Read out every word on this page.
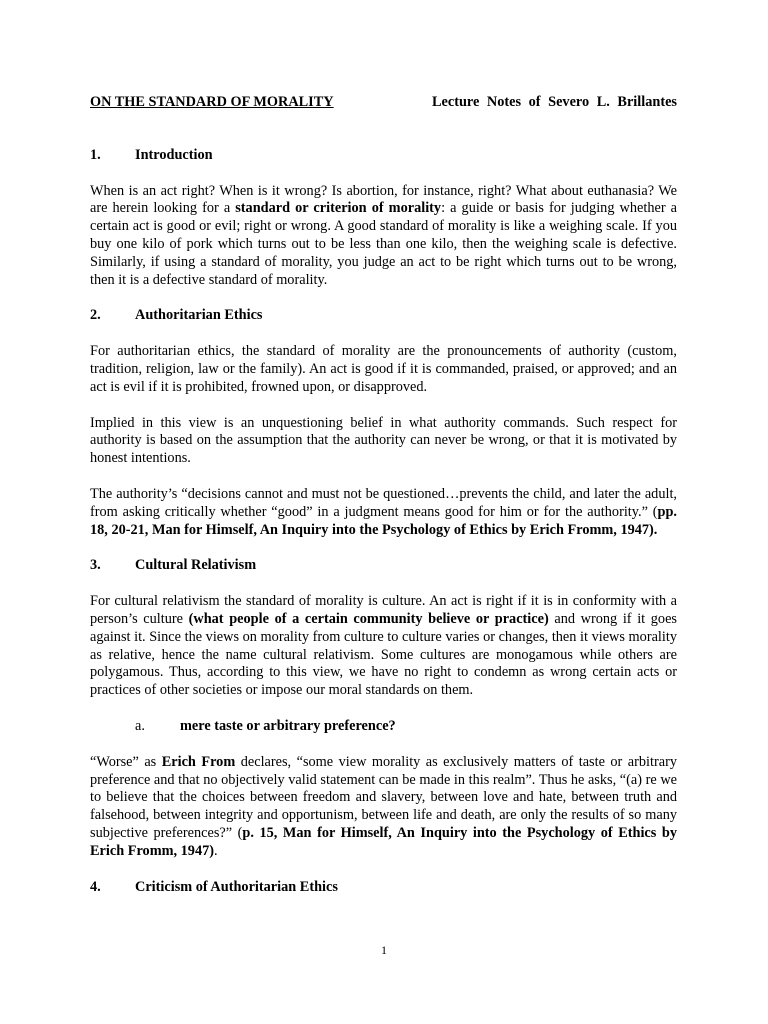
ON THE STANDARD OF MORALITY	Lecture Notes of Severo L. Brillantes
1.	Introduction

When is an act right? When is it wrong? Is abortion, for instance, right? What about euthanasia? We are herein looking for a standard or criterion of morality: a guide or basis for judging whether a certain act is good or evil; right or wrong. A good standard of morality is like a weighing scale. If you buy one kilo of pork which turns out to be less than one kilo, then the weighing scale is defective. Similarly, if using a standard of morality, you judge an act to be right which turns out to be wrong, then it is a defective standard of morality.

2.	Authoritarian Ethics

For authoritarian ethics, the standard of morality are the pronouncements of authority (custom, tradition, religion, law or the family). An act is good if it is commanded, praised, or approved; and an act is evil if it is prohibited, frowned upon, or disapproved.

Implied in this view is an unquestioning belief in what authority commands. Such respect for authority is based on the assumption that the authority can never be wrong, or that it is motivated by honest intentions.

The authority’s “decisions cannot and must not be questioned…prevents the child, and later the adult, from asking critically whether “good” in a judgment means good for him or for the authority.” (pp. 18, 20-21, Man for Himself, An Inquiry into the Psychology of Ethics by Erich Fromm, 1947).

3.	Cultural Relativism

For cultural relativism the standard of morality is culture. An act is right if it is in conformity with a person’s culture (what people of a certain community believe or practice) and wrong if it goes against it. Since the views on morality from culture to culture varies or changes, then it views morality as relative, hence the name cultural relativism. Some cultures are monogamous while others are polygamous. Thus, according to this view, we have no right to condemn as wrong certain acts or practices of other societies or impose our moral standards on them.

a.	mere taste or arbitrary preference?

“Worse” as Erich From declares, “some view morality as exclusively matters of taste or arbitrary preference and that no objectively valid statement can be made in this realm”. Thus he asks, “(a) re we to believe that the choices between freedom and slavery, between love and hate, between truth and falsehood, between integrity and opportunism, between life and death, are only the results of so many subjective preferences?” (p. 15, Man for Himself, An Inquiry into the Psychology of Ethics by Erich Fromm, 1947).

4.	Criticism of Authoritarian Ethics
1
